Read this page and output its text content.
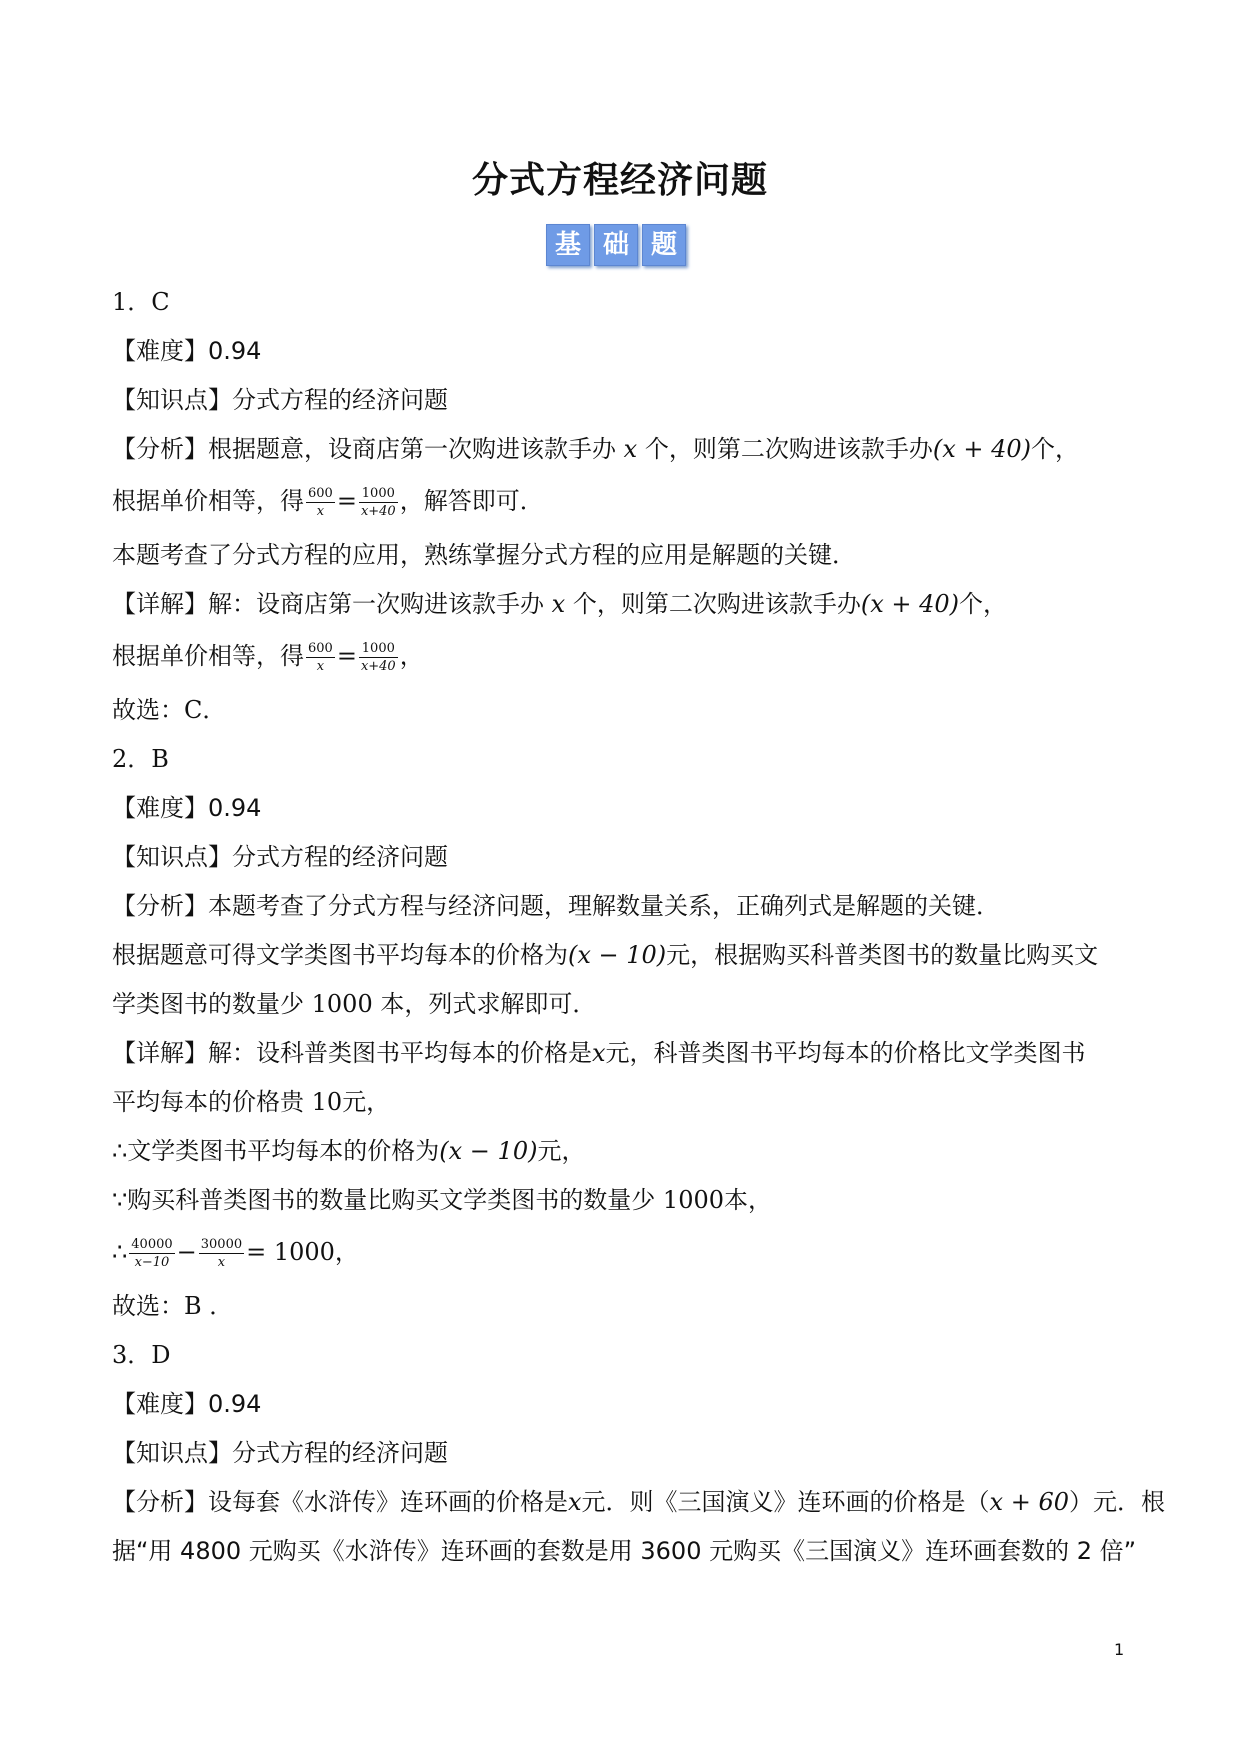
分式方程经济问题
基 础 题
1．C
【难度】0.94
【知识点】分式方程的经济问题
【分析】根据题意，设商店第一次购进该款手办 x 个，则第二次购进该款手办(x + 40)个，
根据单价相等，得 $\frac{600}{x} = \frac{1000}{x+40}$ ，解答即可．
本题考查了分式方程的应用，熟练掌握分式方程的应用是解题的关键．
【详解】解：设商店第一次购进该款手办 x 个，则第二次购进该款手办(x + 40)个，
根据单价相等，得 $\frac{600}{x} = \frac{1000}{x+40}$ ，
故选：C．
2．B
【难度】0.94
【知识点】分式方程的经济问题
【分析】本题考查了分式方程与经济问题，理解数量关系，正确列式是解题的关键．
根据题意可得文学类图书平均每本的价格为(x − 10)元，根据购买科普类图书的数量比购买文
学类图书的数量少 1000 本，列式求解即可．
【详解】解：设科普类图书平均每本的价格是x元，科普类图书平均每本的价格比文学类图书
平均每本的价格贵 10元，
∴文学类图书平均每本的价格为(x − 10)元，
∵购买科普类图书的数量比购买文学类图书的数量少 1000本，
∴ $\frac{40000}{x-10} - \frac{30000}{x} = 1000$，
故选：B ．
3．D
【难度】0.94
【知识点】分式方程的经济问题
【分析】设每套《水浒传》连环画的价格是x元．则《三国演义》连环画的价格是（x + 60）元．根
据“用 4800 元购买《水浒传》连环画的套数是用 3600 元购买《三国演义》连环画套数的 2 倍”
1
